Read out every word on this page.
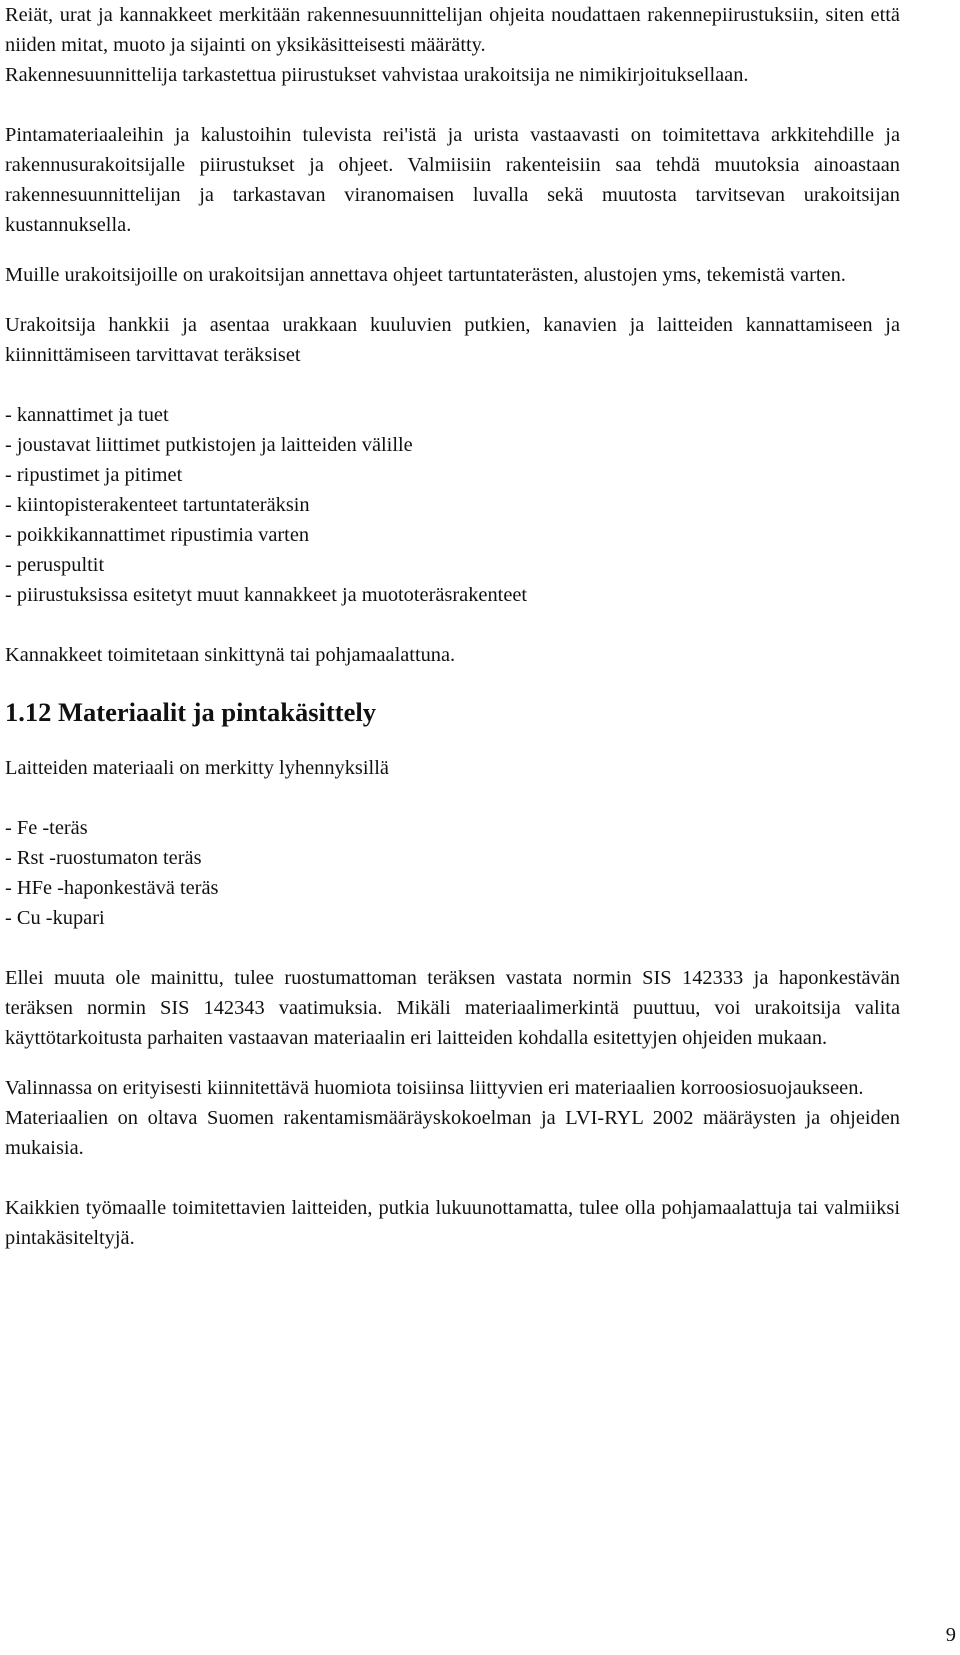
Reiät, urat ja kannakkeet merkitään rakennesuunnittelijan ohjeita noudattaen rakennepiirustuksiin, siten että niiden mitat, muoto ja sijainti on yksikäsitteisesti määrätty.

Rakennesuunnittelija tarkastettua piirustukset vahvistaa urakoitsija ne nimikirjoituksellaan.

Pintamateriaaleihin ja kalustoihin tulevista rei'istä ja urista vastaavasti on toimitettava arkkitehdille ja rakennusurakoitsijalle piirustukset ja ohjeet. Valmiisiin rakenteisiin saa tehdä muutoksia ainoastaan rakennesuunnittelijan ja tarkastavan viranomaisen luvalla sekä muutosta tarvitsevan urakoitsijan kustannuksella.

Muille urakoitsijoille on urakoitsijan annettava ohjeet tartuntaterästen, alustojen yms, tekemistä varten.

Urakoitsija hankkii ja asentaa urakkaan kuuluvien putkien, kanavien ja laitteiden kannattamiseen ja kiinnittämiseen tarvittavat teräksiset

- kannattimet ja tuet
- joustavat liittimet putkistojen ja laitteiden välille
- ripustimet ja pitimet
- kiintopisterakenteet tartuntateräksin
- poikkikannattimet ripustimia varten
- peruspultit
- piirustuksissa esitetyt muut kannakkeet ja muototeräsrakenteet

Kannakkeet toimitetaan sinkittynä tai pohjamaalattuna.

1.12 Materiaalit ja pintakäsittely

Laitteiden materiaali on merkitty lyhennyksillä

- Fe -teräs
- Rst -ruostumaton teräs
- HFe -haponkestävä teräs
- Cu -kupari

Ellei muuta ole mainittu, tulee ruostumattoman teräksen vastata normin SIS 142333 ja haponkestävän teräksen normin SIS 142343 vaatimuksia. Mikäli materiaalimerkintä puuttuu, voi urakoitsija valita käyttötarkoitusta parhaiten vastaavan materiaalin eri laitteiden kohdalla esitettyjen ohjeiden mukaan.

Valinnassa on erityisesti kiinnitettävä huomiota toisiinsa liittyvien eri materiaalien korroosiosuojaukseen.

Materiaalien on oltava Suomen rakentamismääräyskokoelman ja LVI-RYL 2002 määräysten ja ohjeiden mukaisia.

Kaikkien työmaalle toimitettavien laitteiden, putkia lukuunottamatta, tulee olla pohjamaalattuja tai valmiiksi pintakäsiteltyjä.

9
